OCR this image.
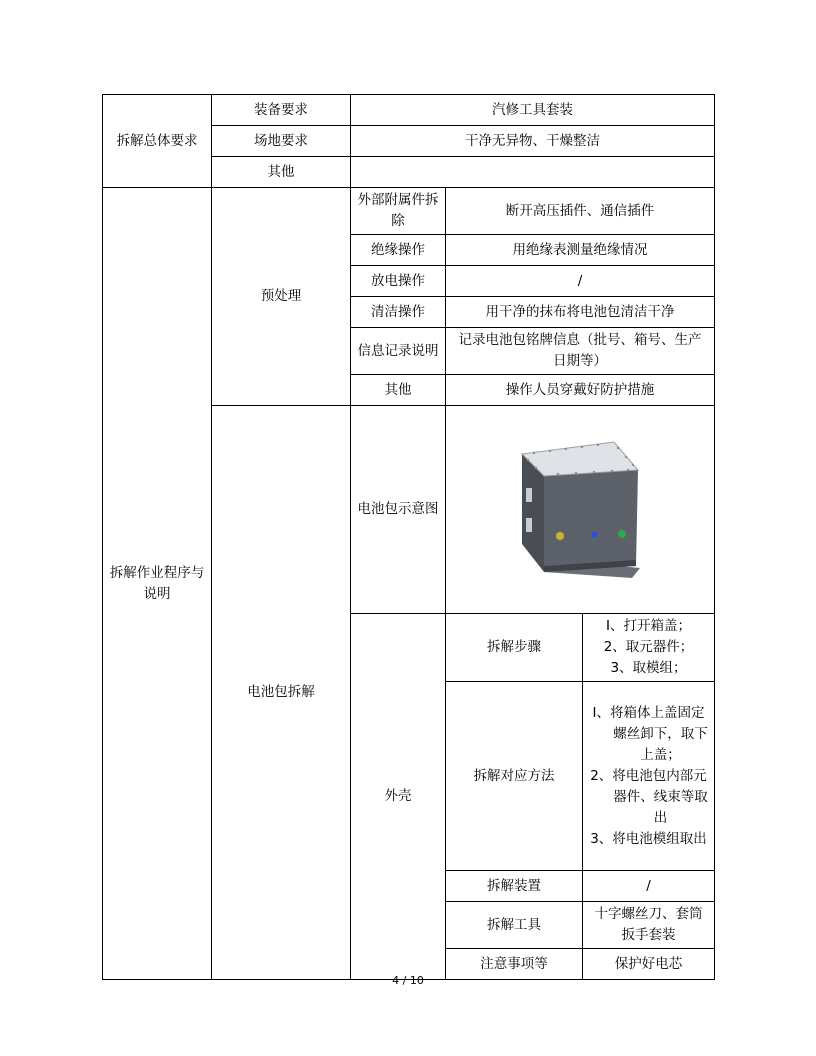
拆解总体要求	装备要求	汽修工具套装		
	场地要求	干净无异物、干燥整洁		
	其他			
拆解作业程序与说明	预处理	外部附属件拆除	断开高压插件、通信插件	
		绝缘操作	用绝缘表测量绝缘情况	
		放电操作	/	
		清洁操作	用干净的抹布将电池包清洁干净	
		信息记录说明	记录电池包铭牌信息（批号、箱号、生产日期等）	
		其他	操作人员穿戴好防护措施	
	电池包拆解	电池包示意图	

		外壳	拆解步骤	Ⅰ、打开箱盖；
2、取元器件；
3、取模组；

			拆解对应方法	Ⅰ、将箱体上盖固定螺丝卸下，取下上盖；
2、将电池包内部元器件、线束等取出
3、将电池模组取出

			拆解装置	/
			拆解工具	十字螺丝刀、套筒扳手套装
			注意事项等	保护好电芯
4 / 10
